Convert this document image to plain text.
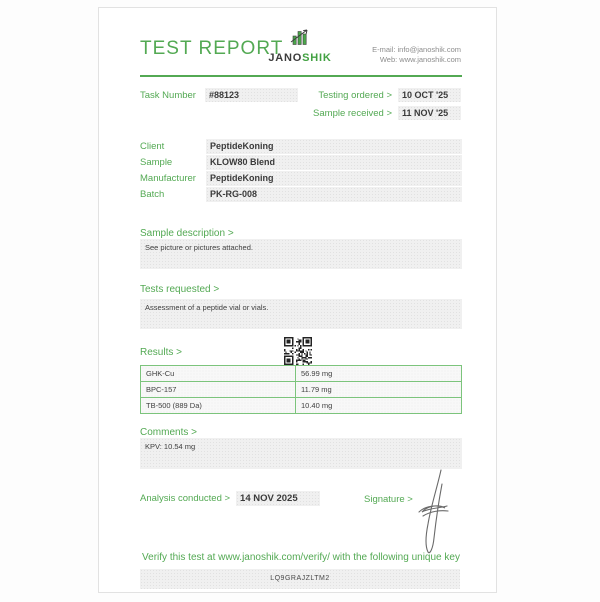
TEST REPORT
JANOSHIK
E-mail: info@janoshik.com
Web: www.janoshik.com
Task Number	#88123	Testing ordered >	10 OCT '25
Sample received >	11 NOV '25
Client	PeptideKoning
Sample	KLOW80 Blend
Manufacturer	PeptideKoning
Batch	PK-RG-008
Sample description >
See picture or pictures attached.
Tests requested >
Assessment of a peptide vial or vials.
Results >
GHK-Cu	56.99 mg
BPC-157	11.79 mg
TB-500 (889 Da)	10.40 mg
Comments >
KPV: 10.54 mg
Analysis conducted >	14 NOV 2025	Signature >
Verify this test at www.janoshik.com/verify/ with the following unique key
LQ9GRAJZLTM2
